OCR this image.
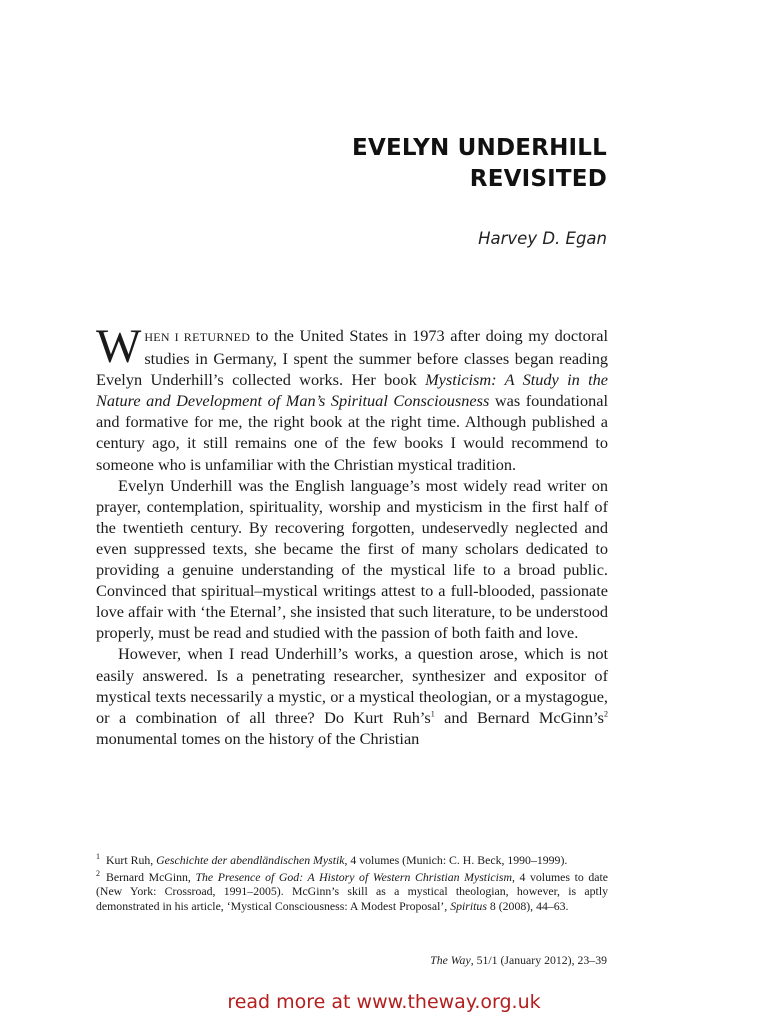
EVELYN UNDERHILL
REVISITED
Harvey D. Egan

WHEN I RETURNED to the United States in 1973 after doing my doctoral studies in Germany, I spent the summer before classes began reading Evelyn Underhill’s collected works. Her book Mysticism: A Study in the Nature and Development of Man’s Spiritual Consciousness was foundational and formative for me, the right book at the right time. Although published a century ago, it still remains one of the few books I would recommend to someone who is unfamiliar with the Christian mystical tradition.

Evelyn Underhill was the English language’s most widely read writer on prayer, contemplation, spirituality, worship and mysticism in the first half of the twentieth century. By recovering forgotten, undeservedly neglected and even suppressed texts, she became the first of many scholars dedicated to providing a genuine understanding of the mystical life to a broad public. Convinced that spiritual–mystical writings attest to a full-blooded, passionate love affair with ‘the Eternal’, she insisted that such literature, to be understood properly, must be read and studied with the passion of both faith and love.

However, when I read Underhill’s works, a question arose, which is not easily answered. Is a penetrating researcher, synthesizer and expositor of mystical texts necessarily a mystic, or a mystical theologian, or a mystagogue, or a combination of all three? Do Kurt $Ruh’s^1$ and Bernard $McGinn’s^2$ monumental tomes on the history of the Christian

$^1$ Kurt Ruh, Geschichte der abendländischen Mystik, 4 volumes (Munich: C. H. Beck, 1990–1999).

$^2$ Bernard McGinn, The Presence of God: A History of Western Christian Mysticism, 4 volumes to date (New York: Crossroad, 1991–2005). McGinn’s skill as a mystical theologian, however, is aptly demonstrated in his article, ‘Mystical Consciousness: A Modest Proposal’, Spiritus 8 (2008), 44–63.

The Way, 51/1 (January 2012), 23–39
read more at www.theway.org.uk
